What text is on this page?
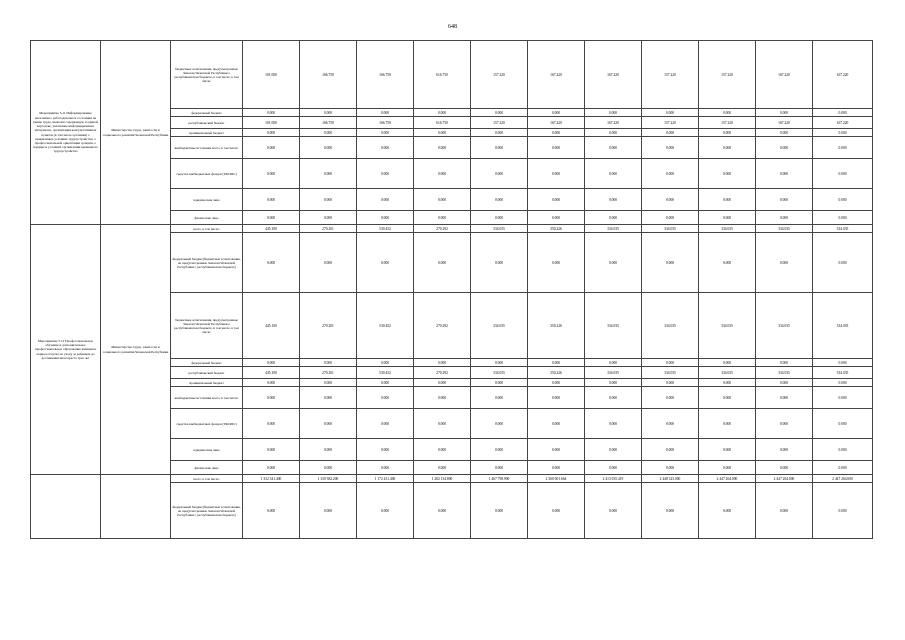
648
Мероприятие 5.11 Информирование населения о работодателях и состоянии на рынке труда, включая содержащую в единой картотеке, указанные информационных материалах, организация консультативных пунктов (в том числе органами) о приемлемых условиях трудоустройства, о профессиональной ориентации граждан, о порядке и условиях организации временного трудоустройства	Министерство труда, занятости и социального развития Чеченской Республики	бюджетные ассигнования, предусмотренные Законом Чеченской Республики о республиканском бюджете, в том числе, в том числе:	101.000	166.750	166.750	616.750	157.220	167.220	167.220	157.220	157.220	167.220	167.220
		федеральный бюджет	0.000	0.000	0.000	0.000	0.000	0.000	0.000	0.000	0.000	0.000	0.000
		республиканский бюджет	101.000	166.750	166.750	616.750	157.220	167.220	167.220	157.220	157.220	167.220	167.220
		муниципальный бюджет	0.000	0.000	0.000	0.000	0.000	0.000	0.000	0.000	0.000	0.000	0.000
		внебюджетные источники всего, в том числе:	0.000	0.000	0.000	0.000	0.000	0.000	0.000	0.000	0.000	0.000	0.000
		средства внебюджетных фондов (ТФОМС)	0.000	0.000	0.000	0.000	0.000	0.000	0.000	0.000	0.000	0.000	0.000
		юридические лица	0.000	0.000	0.000	0.000	0.000	0.000	0.000	0.000	0.000	0.000	0.000
		физические лица	0.000	0.000	0.000	0.000	0.000	0.000	0.000	0.000	0.000	0.000	0.000
Мероприятие 5.12 Профессиональное обучение и дополнительное профессиональное образование женщин в период отпуска по уходу за ребенком до достижения им возраста трех лет	Министерство труда, занятости и социального развития Чеченской Республики	всего, в том числе:	445.100	270.201	530.452	270.292	334.035	350.226	334.035	334.035	334.035	334.035	334.035
		федеральный бюджет(бюджетные ассигнования, не предусмотренные Законом Чеченской Республики о республиканском бюджете)	0.000	0.000	0.000	0.000	0.000	0.000	0.000	0.000	0.000	0.000	0.000
		бюджетные ассигнования, предусмотренные Законом Чеченской Республики о республиканском бюджете, в том числе, в том числе:	445.100	270.201	530.452	270.292	334.035	350.226	334.035	334.035	334.035	334.035	334.035
		федеральный бюджет	0.000	0.000	0.000	0.000	0.000	0.000	0.000	0.000	0.000	0.000	0.000
		республиканский бюджет	445.100	270.201	530.452	270.292	334.035	350.226	334.035	334.035	334.035	334.035	334.035
		муниципальный бюджет	0.000	0.000	0.000	0.000	0.000	0.000	0.000	0.000	0.000	0.000	0.000
		внебюджетные источники всего, в том числе:	0.000	0.000	0.000	0.000	0.000	0.000	0.000	0.000	0.000	0.000	0.000
		средства внебюджетных фондов (ТФОМС)	0.000	0.000	0.000	0.000	0.000	0.000	0.000	0.000	0.000	0.000	0.000
		юридические лица	0.000	0.000	0.000	0.000	0.000	0.000	0.000	0.000	0.000	0.000	0.000
		физические лица	0.000	0.000	0.000	0.000	0.000	0.000	0.000	0.000	0.000	0.000	0.000
		всего, в том числе:	1 332 341.400	1 330 382.200	1 172 431.400	1 282 134.800	1 467 798.900	2 360 001.664	2 413 035.419	2 448 323.000	2 447 264.000	2 447 264.000	2 447 264.000
		федеральный бюджет(бюджетные ассигнования, не предусмотренные Законом Чеченской Республики о республиканском бюджете)	0.000	0.000	0.000	0.000	0.000	0.000	0.000	0.000	0.000	0.000	0.000
